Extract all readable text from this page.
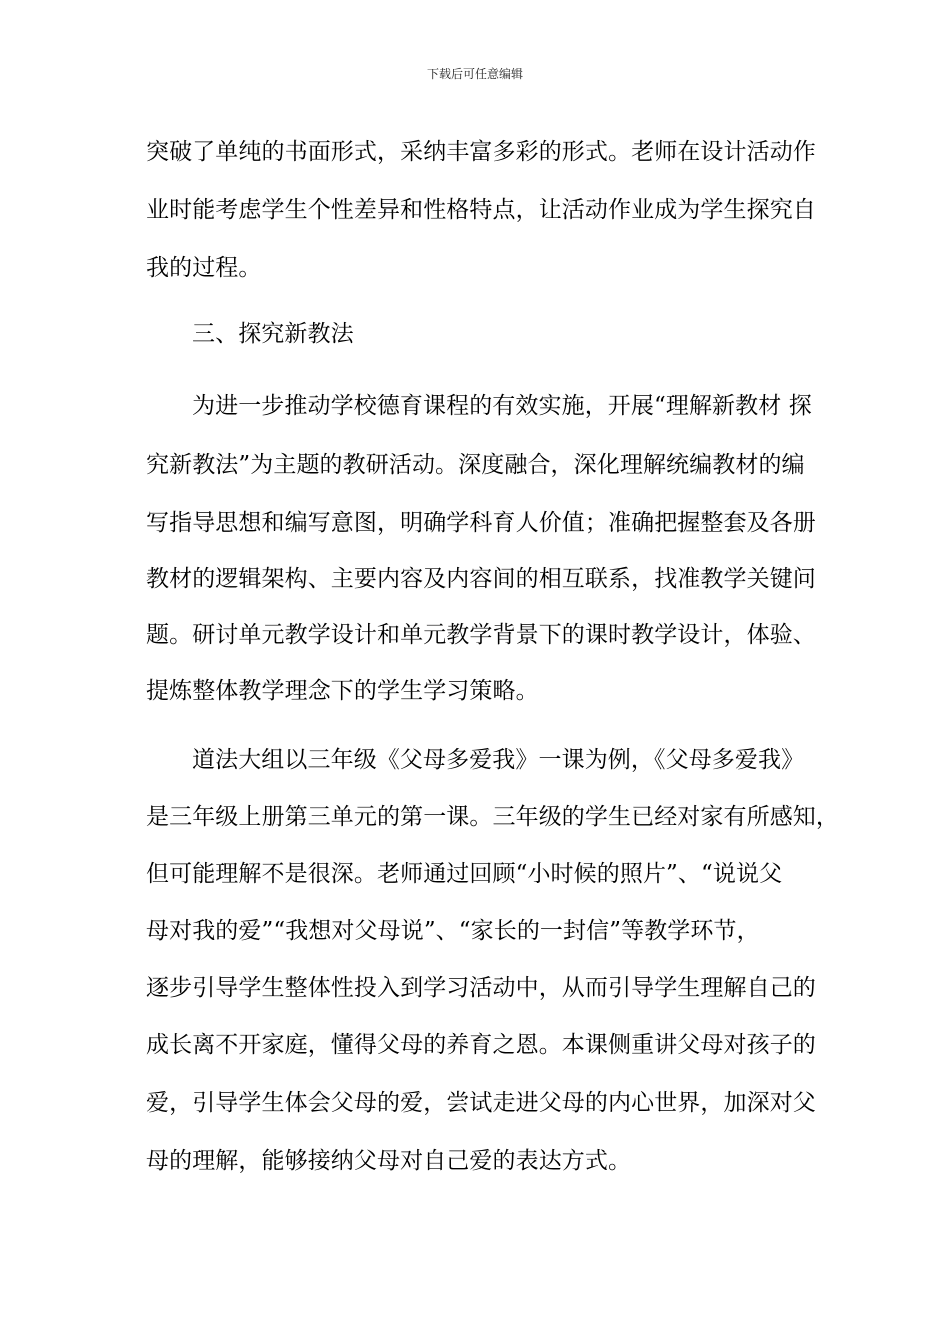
下载后可任意编辑
突破了单纯的书面形式，采纳丰富多彩的形式。老师在设计活动作
业时能考虑学生个性差异和性格特点，让活动作业成为学生探究自
我的过程。
三、探究新教法
为进一步推动学校德育课程的有效实施，开展“理解新教材 探
究新教法”为主题的教研活动。深度融合，深化理解统编教材的编
写指导思想和编写意图，明确学科育人价值；准确把握整套及各册
教材的逻辑架构、主要内容及内容间的相互联系，找准教学关键问
题。研讨单元教学设计和单元教学背景下的课时教学设计，体验、
提炼整体教学理念下的学生学习策略。
道法大组以三年级《父母多爱我》一课为例，《父母多爱我》
是三年级上册第三单元的第一课。三年级的学生已经对家有所感知，
但可能理解不是很深。老师通过回顾“小时候的照片”、“说说父
母对我的爱”“我想对父母说”、“家长的一封信”等教学环节，
逐步引导学生整体性投入到学习活动中，从而引导学生理解自己的
成长离不开家庭，懂得父母的养育之恩。本课侧重讲父母对孩子的
爱，引导学生体会父母的爱，尝试走进父母的内心世界，加深对父
母的理解，能够接纳父母对自己爱的表达方式。
